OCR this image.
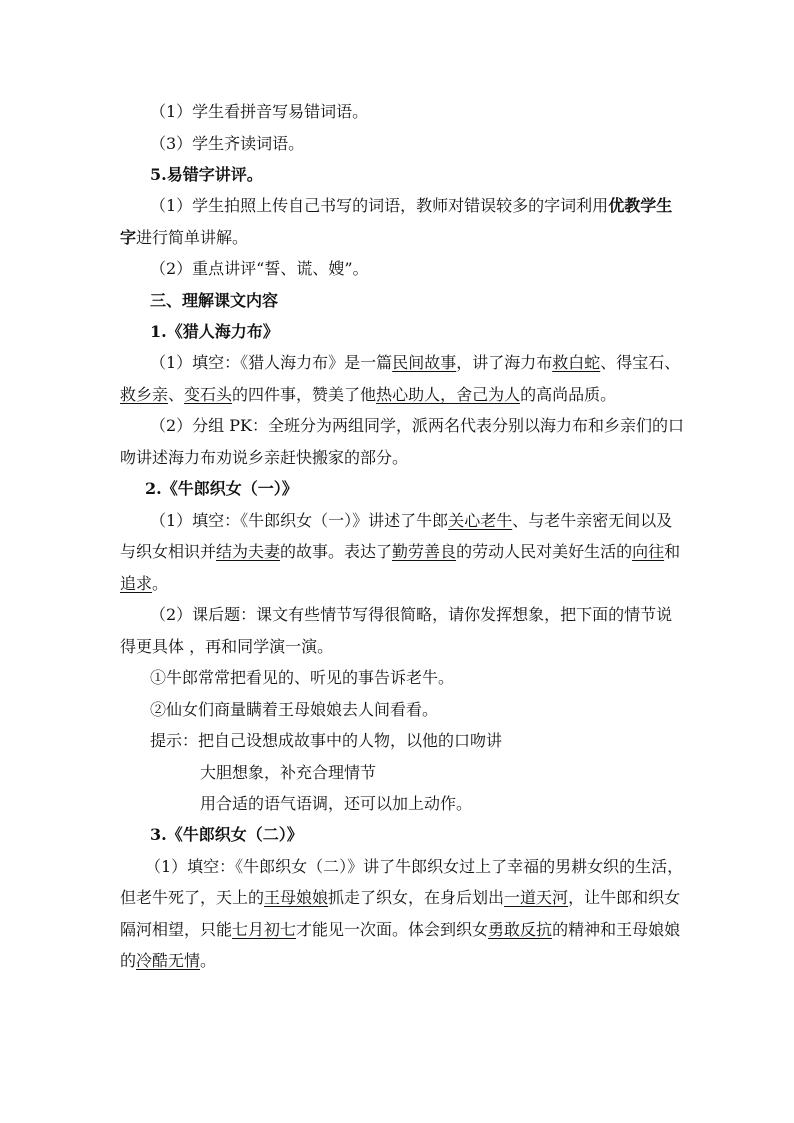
（1）学生看拼音写易错词语。
（3）学生齐读词语。
5.易错字讲评。
（1）学生拍照上传自己书写的词语，教师对错误较多的字词利用优教学生
字进行简单讲解。
（2）重点讲评“誓、谎、嫂”。
三、理解课文内容
1.《猎人海力布》
（1）填空：《猎人海力布》是一篇民间故事，讲了海力布救白蛇、得宝石、
救乡亲、变石头的四件事，赞美了他热心助人，舍己为人的高尚品质。
（2）分组 PK：全班分为两组同学，派两名代表分别以海力布和乡亲们的口
吻讲述海力布劝说乡亲赶快搬家的部分。
2.《牛郎织女（一）》
（1）填空：《牛郎织女（一）》讲述了牛郎关心老牛、与老牛亲密无间以及
与织女相识并结为夫妻的故事。表达了勤劳善良的劳动人民对美好生活的向往和
追求。
（2）课后题：课文有些情节写得很简略，请你发挥想象，把下面的情节说
得更具体 ，再和同学演一演。
①牛郎常常把看见的、听见的事告诉老牛。
②仙女们商量瞒着王母娘娘去人间看看。
提示：把自己设想成故事中的人物，以他的口吻讲
大胆想象，补充合理情节
用合适的语气语调，还可以加上动作。
3.《牛郎织女（二）》
（1）填空：《牛郎织女（二）》讲了牛郎织女过上了幸福的男耕女织的生活，
但老牛死了，天上的王母娘娘抓走了织女，在身后划出一道天河，让牛郎和织女
隔河相望，只能七月初七才能见一次面。体会到织女勇敢反抗的精神和王母娘娘
的冷酷无情。
